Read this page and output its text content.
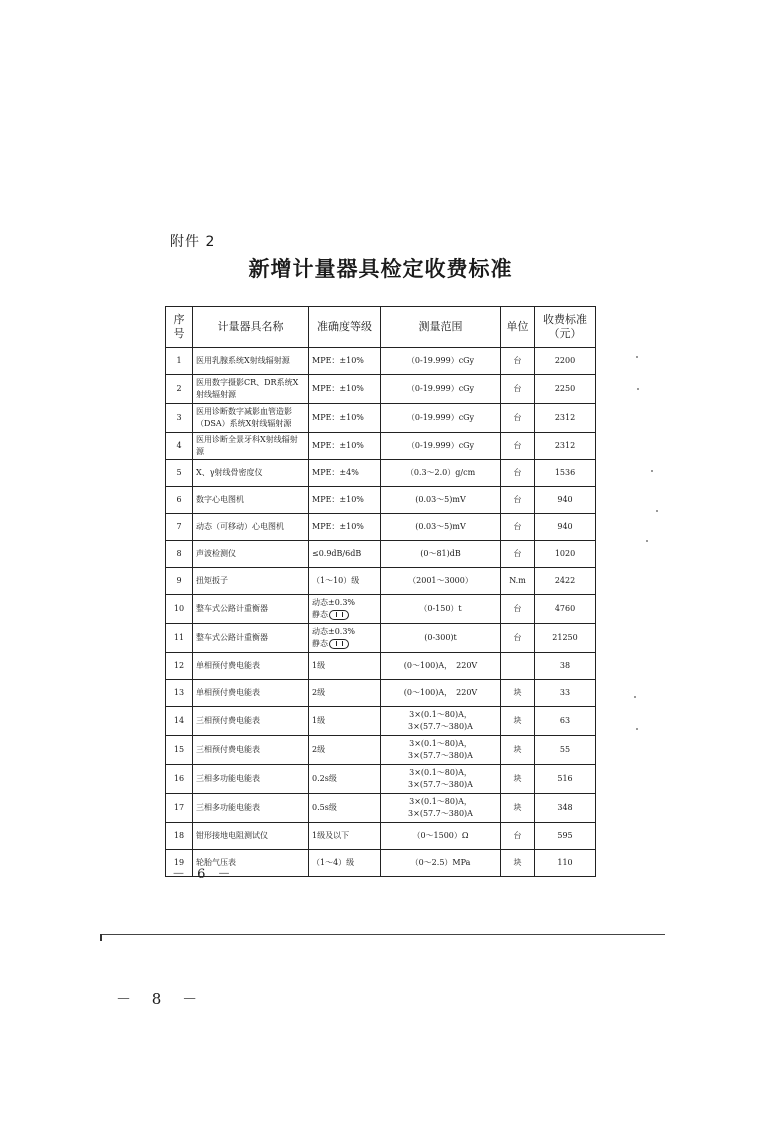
附件 2
新增计量器具检定收费标准
序号	计量器具名称	准确度等级	测量范围	单位	收费标准（元）

1	医用乳腺系统X射线辐射源	MPE：±10%	（0-19.999）cGy	台	2200
2	医用数字摄影CR、DR系统X射线辐射源	MPE：±10%	（0-19.999）cGy	台	2250
3	医用诊断数字减影血管造影（DSA）系统X射线辐射源	MPE：±10%	（0-19.999）cGy	台	2312
4	医用诊断全景牙科X射线辐射源	MPE：±10%	（0-19.999）cGy	台	2312
5	X、γ射线骨密度仪	MPE：±4%	（0.3～2.0）g/cm	台	1536
6	数字心电图机	MPE：±10%	(0.03～5)mV	台	940
7	动态（可移动）心电图机	MPE：±10%	(0.03～5)mV	台	940
8	声波检测仪	≤0.9dB/6dB	(0～81)dB	台	1020
9	扭矩扳子	（1～10）级	（2001～3000）	N.m	2422
10	整车式公路计重衡器	动态±0.3%
静态	（0-150）t	台	4760
11	整车式公路计重衡器	动态±0.3%
静态	(0-300)t	台	21250
12	单相预付费电能表	1级	(0～100)A，　220V		38
13	单相预付费电能表	2级	(0～100)A，　220V	块	33
14	三相预付费电能表	1级	3×(0.1～80)A，
3×(57.7～380)A	块	63
15	三相预付费电能表	2级	3×(0.1～80)A，
3×(57.7～380)A	块	55
16	三相多功能电能表	0.2s级	3×(0.1～80)A，
3×(57.7～380)A	块	516
17	三相多功能电能表	0.5s级	3×(0.1～80)A，
3×(57.7～380)A	块	348
18	钳形接地电阻测试仪	1级及以下	（0～1500）Ω	台	595
19	轮胎气压表	（1～4）级	（0～2.5）MPa	块	110
－ 6 －
－ 8 －
